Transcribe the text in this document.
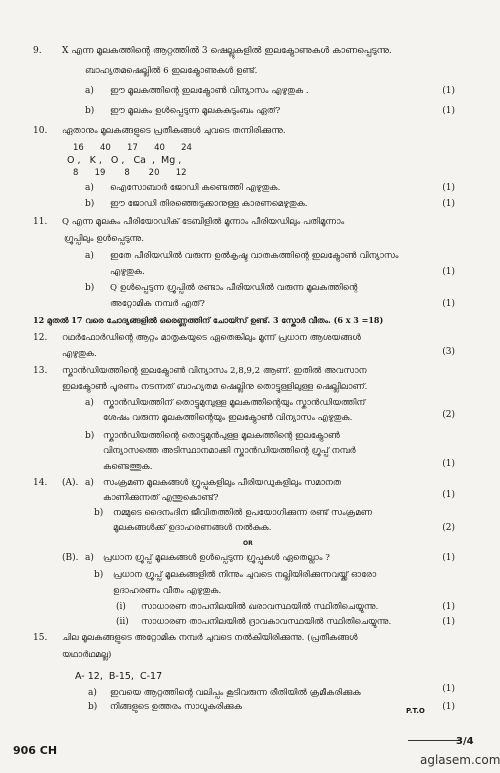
9. X എന്ന മൂലകത്തിന്റെ ആറ്റത്തിൽ 3 ഷെല്ലുകളിൽ ഇലക്ട്രോണുകൾ കാണപ്പെടുന്നു.
ബാഹ്യതമഷെല്ലിൽ 6 ഇലക്ട്രോണുകൾ ഉണ്ട്.
a) ഈ മൂലകത്തിന്റെ ഇലക്ട്രോൺ വിന്യാസം എഴുതുക .	(1)
b) ഈ മൂലകം ഉൾപ്പെടുന്ന മൂലകകുടുംബം ഏത്?	(1)
10. ഏതാനും മൂലകങ്ങളുടെ പ്രതീകങ്ങൾ ചുവടെ തന്നിരിക്കുന്നു.
16      40      17      40      24
O ,   K ,   O ,   Ca  ,  Mg ,
8      19       8       20      12
a) ഐസോബാർ ജോഡി കണ്ടെത്തി എഴുതുക.	(1)
b) ഈ ജോഡി തിരഞ്ഞെടുക്കാനുള്ള കാരണമെഴുതുക.	(1)
11. Q എന്ന മൂലകം പീരിയോഡിക് ടേബിളിൽ മൂന്നാം പീരിയഡിലും പതിമൂന്നാം
ഗ്രൂപ്പിലും ഉൾപ്പെടുന്നു.
a) ഇതേ പീരിയഡിൽ വരുന്ന ഉൽകൃഷ്ട വാതകത്തിന്റെ ഇലക്ട്രോൺ വിന്യാസം
എഴുതുക.	(1)
b) Q ഉൾപ്പെടുന്ന ഗ്രൂപ്പിൽ രണ്ടാം പീരിയഡിൽ വരുന്ന മൂലകത്തിന്റെ
അറ്റോമിക നമ്പർ എത്?	(1)
12 മുതൽ 17 വരെ ചോദ്യങ്ങളിൽ ഒരെണ്ണത്തിന് ചോയ്സ് ഉണ്ട്. 3 സ്കോർ വീതം. (6 x 3 =18)
12. റഥർഫോർഡിന്റെ ആറ്റം മാതൃകയുടെ ഏതെങ്കിലും മൂന്ന് പ്രധാന ആശയങ്ങൾ
എഴുതുക.	(3)
13. സ്കാൻഡിയത്തിന്റെ ഇലക്ട്രോൺ വിന്യാസം 2,8,9,2 ആണ്. ഇതിൽ അവസാന
ഇലക്ട്രോൺ പൂരണം നടന്നത് ബാഹ്യതമ ഷെല്ലിനു തൊട്ടുള്ളിലുള്ള ഷെല്ലിലാണ്.
a) സ്കാൻഡിയത്തിന് തൊട്ടുമുമ്പുള്ള മൂലകത്തിന്റെയും സ്കാൻഡിയത്തിന്
ശേഷം വരുന്ന മൂലകത്തിന്റെയും ഇലക്ട്രോൺ വിന്യാസം എഴുതുക.	(2)
b) സ്കാൻഡിയത്തിന്റെ തൊട്ടുമുൻപുള്ള മൂലകത്തിന്റെ ഇലക്ട്രോൺ
വിന്യാസത്തെ അടിസ്ഥാനമാക്കി സ്കാൻഡിയത്തിന്റെ ഗ്രൂപ്പ് നമ്പർ
കണ്ടെത്തുക.	(1)
14. (A). a) സംക്രമണ മൂലകങ്ങൾ ഗ്രൂപ്പുകളിലും പീരിയഡുകളിലും സമാനത
കാണിക്കുന്നത് എന്തുകൊണ്ട്?	(1)
b) നമ്മുടെ ദൈനംദിന ജീവിതത്തിൽ ഉപയോഗിക്കുന്ന രണ്ട് സംക്രമണ
മൂലകങ്ങൾക്ക് ഉദാഹരണങ്ങൾ നൽകുക.	(2)
OR
(B). a) പ്രധാന ഗ്രൂപ്പ് മൂലകങ്ങൾ ഉൾപ്പെടുന്ന ഗ്രൂപ്പുകൾ ഏതെല്ലാം ?	(1)
b) പ്രധാന ഗ്രൂപ്പ് മൂലകങ്ങളിൽ നിന്നും ചുവടെ നല്ലിയിരിക്കുന്നവയ്ക്ക് ഓരോ
ഉദാഹരണം വീതം എഴുതുക.
(i) സാധാരണ താപനിലയിൽ ഖരാവസ്ഥയിൽ സ്ഥിതിചെയ്യുന്നു.	(1)
(ii) സാധാരണ താപനിലയിൽ ദ്രാവകാവസ്ഥയിൽ സ്ഥിതിചെയ്യുന്നു.	(1)
15. ചില മൂലകങ്ങളുടെ അറ്റോമിക നമ്പർ ചുവടെ നൽകിയിരിക്കുന്നു. (പ്രതീകങ്ങൾ
യഥാർഥമല്ല)
A- 12,  B-15,  C-17
a) ഇവയെ ആറ്റത്തിന്റെ വലിപ്പം കൂടിവരുന്ന രീതിയിൽ ക്രമീകരിക്കുക	(1)
b) നിങ്ങളുടെ ഉത്തരം സാധൂകരിക്കുക	(1)
P.T.O
906 CH
3/4
aglasem.com
